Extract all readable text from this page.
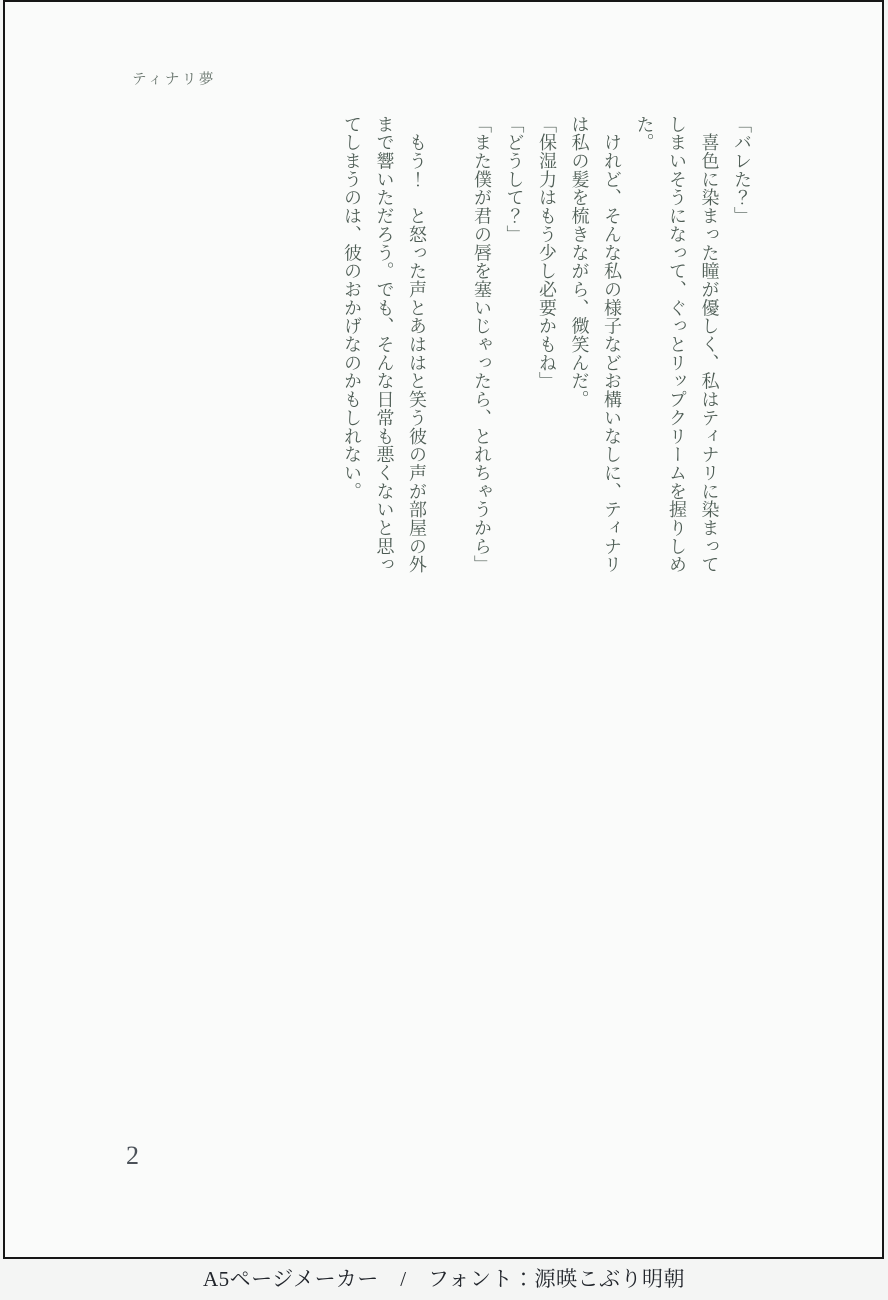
ティナリ夢
「バレた？」
　喜色に染まった瞳が優しく、私はティナリに染まって
しまいそうになって、ぐっとリップクリームを握りしめ
た。
　けれど、そんな私の様子などお構いなしに、ティナリ
は私の髪を梳きながら、微笑んだ。
「保湿力はもう少し必要かもね」
「どうして？」
「また僕が君の唇を塞いじゃったら、とれちゃうから」

　もう！　と怒った声とあははと笑う彼の声が部屋の外
まで響いただろう。でも、そんな日常も悪くないと思っ
てしまうのは、彼のおかげなのかもしれない。
2
A5ページメーカー　/　フォント：源暎こぶり明朝
